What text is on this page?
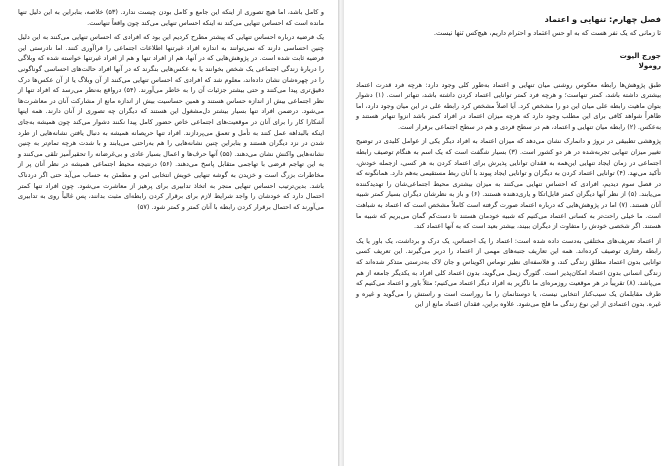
و کامل باشد، اما هیچ تصوری از اینکه این جامع و کامل بودن چیست ندارد. (۵۳) خلاصه، بنابراین به این دلیل تنها مانده است که احساس تنهایی می‌کند نه اینکه احساس تنهایی می‌کند چون واقعاً تنهاست.

یک فرضیه درباره احساس تنهایی که پیشتر مطرح کردیم این بود که افرادی که احساس تنهایی می‌کنند به این دلیل چنین احساسی دارند که نمی‌توانند به اندازه افراد غیرتنها اطلاعات اجتماعی را فراآوری کنند. اما نادرستی این فرضیه ثابت شده است. در پژوهش‌هایی که در آنها، هم از افراد تنها و هم از افراد غیرتنها خواسته شده که وبلاگی را دربارهٔ زندگی اجتماعی یک شخص بخوانند یا به عکس‌هایی بنگرند که در آنها افراد حالت‌های احساسی گوناگونی را در چهره‌شان نشان داده‌اند، معلوم شد که افرادی که احساس تنهایی می‌کنند از آن وبلاگ یا از آن عکس‌ها درک دقیق‌تری پیدا می‌کنند و حتی بیشتر جزئیات آن را به خاطر می‌آورند. (۵۴) درواقع به‌نظر می‌رسد که افراد تنها از نظر اجتماعی بیش از اندازه حساس هستند و همین حساسیت بیش از اندازه مانع از مشارکت آنان در معاشرت‌ها می‌شود. درضمن افراد تنها بسیار بیشتر دل‌مشغول این هستند که دیگران چه تصوری از آنان دارند. همه اینها آشکارا کار را برای آنان در موقعیت‌های اجتماعی خاص حضور کامل پیدا نکنند دشوار می‌کند چون همیشه به‌جای اینکه بالبداهه عمل کنند به تأمل و تعمق می‌پردازند. افراد تنها حریصانه همیشه به دنبال یافتن نشانه‌هایی از طرد شدن در نزد دیگران هستند و بنابراین چنین نشانه‌هایی را هم به‌راحتی می‌یابند و با شدت هرچه تمام‌تر به چنین نشانه‌هایی واکنش نشان می‌دهند. (۵۵) آنها حرف‌ها و اعمال بسیار عادی و بی‌غرضانه را تحقیرآمیز تلقی می‌کنند و به این تهاجم فرضی با تهاجمی متقابل پاسخ می‌دهند. (۵۶) درنتیجه محیط اجتماعی همیشه در نظر آنان پر از مخاطرات بزرگ است و خزیدن به گوشه تنهایی خویش انتخابی امن و مطمئن به حساب می‌آید حتی اگر دردناک باشد. بدین‌ترتیب احساس تنهایی منجر به اتخاذ تدابیری برای پرهیز از معاشرت می‌شود. چون افراد تنها کمتر احتمال دارد که خودشان را واجد شرایط لازم برای برقرار کردن رابطه‌ای مثبت بدانند، پس غالباً روی به تدابیری می‌آورند که احتمال برقرار کردن رابطه با آنان کمتر و کمتر شود. (۵۷)

فصل چهارم: تنهایی و اعتماد
تا زمانی که یک نفر هست که به او حس اعتماد و احترام داریم، هیچ‌کس تنها نیست.
جورج الیوت
رومولا

طبق پژوهش‌ها رابطه معکوس روشنی میان تنهایی و اعتماد به‌طور کلی وجود دارد: هرچه فرد قدرت اعتماد بیشتری داشته باشد، کمتر تنهاست؛ و هرچه فرد کمتر توانایی اعتماد کردن داشته باشد، تنهاتر است. (۱) دشوار بتوان ماهیت رابطه علی میان این دو را مشخص کرد. آیا اصلاً مشخص کرد رابطه علی در این میان وجود دارد، اما ظاهراً شواهد کافی برای این مطلب وجود دارد که هرچه میزان اعتماد در افراد کمتر باشد انزوا تنهاتر هستند و به‌عکس. (۲) رابطه میان تنهایی و اعتماد، هم در سطح فردی و هم در سطح اجتماعی برقرار است.

پژوهشی تطبیقی در نروژ و دانمارک نشان می‌دهد که میزان اعتماد به افراد دیگر یکی از عوامل کلیدی در توضیح تغییر میزان تنهایی تجربه‌شده در هر دو کشور است. (۳) بسیار شگفت است که یک اسم به هنگام توصیف رابطه اجتماعی در زمان ایجاد تنهایی این‌همه به فقدان توانایی پذیرش برای اعتماد کردن به هر کسی، ازجمله خودش، تأکید می‌نهد. (۴) توانایی اعتماد کردن به دیگران و توانایی ایجاد پیوند با آنان ربط مستقیمی به‌هم دارد. همانگونه که در فصل سوم دیدیم، افرادی که احساس تنهایی می‌کنند به میزان بیشتری محیط اجتماعی‌شان را تهدیدکننده می‌یابند. (۵) از نظر آنها دیگران کمتر قابل‌اتکا و یاری‌دهنده هستند. (۶) و باز به نظرشان دیگران بسیار کمتر شبیه آنان هستند. (۷) اما در پژوهش‌هایی که درباره اعتماد صورت گرفته است کاملاً مشخص است که اعتماد به شباهت است. ما خیلی راحت‌تر به کسانی اعتماد می‌کنیم که شبیه خودمان هستند تا دست‌کم گمان می‌بریم که شبیه ما هستند. اگر شخصی خودش را متفاوت از دیگران ببیند، بیشتر بعید است که به آنها اعتماد کند.

از اعتماد تعریف‌های مختلفی به‌دست داده شده است: اعتماد را یک احساس، یک درک و برداشت، یک باور یا یک رابطه رفتاری توصیف کرده‌اند. همه این تعاریف جنبه‌های مهمی از اعتماد را دربر می‌گیرند. این تعریف کسی توانایی بدون اعتماد مطلق زندگی کند، و فلاسفه‌ای نظیر توماس اکویناس و جان لاک به‌درستی متذکر شده‌اند که زندگی انسانی بدون اعتماد امکان‌پذیر است. گئورگ زیمل می‌گوید، بدون اعتماد کلی افراد به یکدیگر جامعه از هم می‌پاشد. (۸) تقریباً در هر موقعیت روزمره‌ای ما ناگزیر به افراد دیگر اعتماد می‌کنیم؛ مثلاً باور و اعتماد می‌کنیم که طرف مقابلمان یک سیب‌کنار انتخابی نیست، یا دوستانمان را ما روراست است و راستش را می‌گوید و غیره و غیره. بدون اعتمادی از این نوع زندگی ما فلج می‌شود. علاوه براین، فقدان اعتماد مانع از این
